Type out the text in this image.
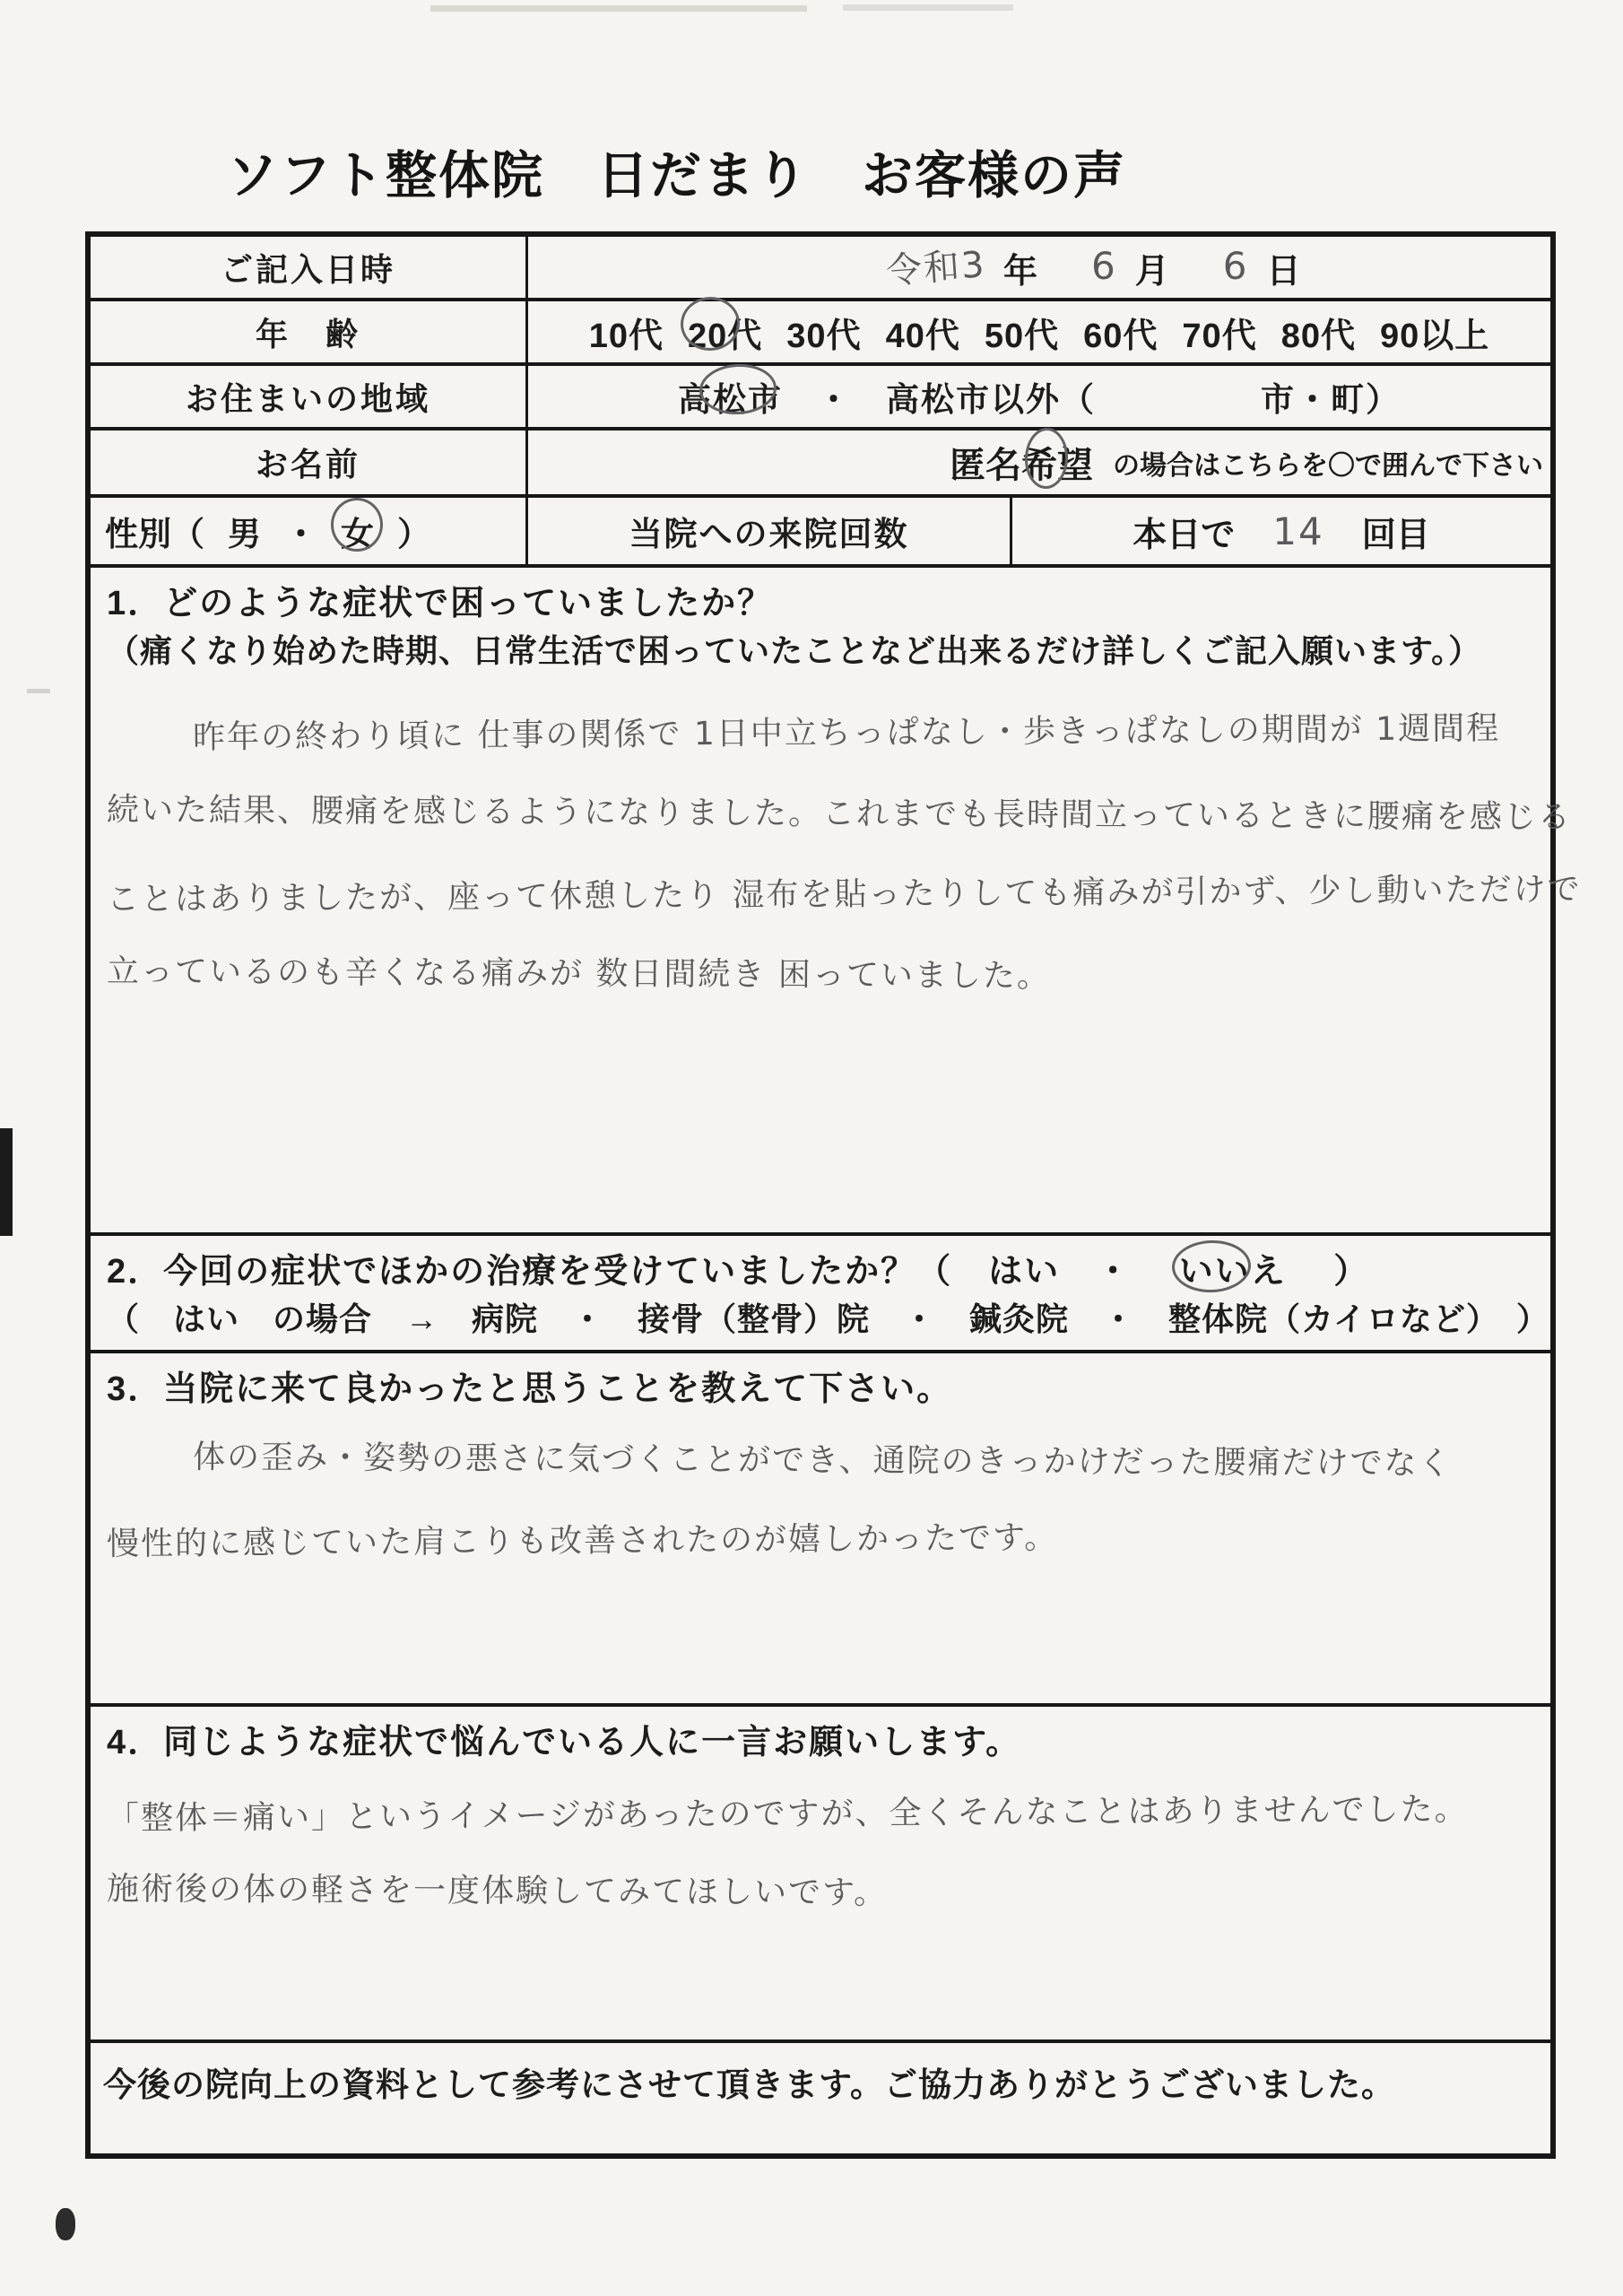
ソフト整体院　日だまり　お客様の声
ご記入日時	令和3 年 6 月 6 日
年　齢	10代 20代 30代 40代 50代 60代 70代 80代 90以上
お住まいの地域	高松市 ・ 高松市以外（	市・町）
お名前	匿名希望 の場合はこちらを〇で囲んで下さい
性別（ 男 ・ 女 ）	当院への来院回数	本日で 14 回目
1．どのような症状で困っていましたか？
（痛くなり始めた時期、日常生活で困っていたことなど出来るだけ詳しくご記入願います。）
昨年の終わり頃に 仕事の関係で 1日中立ちっぱなし・歩きっぱなしの期間が 1週間程
続いた結果、腰痛を感じるようになりました。これまでも長時間立っているときに腰痛を感じる
ことはありましたが、座って休憩したり 湿布を貼ったりしても痛みが引かず、少し動いただけで
立っているのも辛くなる痛みが 数日間続き 困っていました。
2．今回の症状でほかの治療を受けていましたか？（　はい　・　 いいえ
　）
（　はい　の場合　→　病院　・　接骨（整骨）院　・　鍼灸院　・　整体院（カイロなど）　）
3．当院に来て良かったと思うことを教えて下さい。
体の歪み・姿勢の悪さに気づくことができ、通院のきっかけだった腰痛だけでなく
慢性的に感じていた肩こりも改善されたのが嬉しかったです。
4．同じような症状で悩んでいる人に一言お願いします。
「整体＝痛い」というイメージがあったのですが、全くそんなことはありませんでした。
施術後の体の軽さを一度体験してみてほしいです。
今後の院向上の資料として参考にさせて頂きます。ご協力ありがとうございました。
